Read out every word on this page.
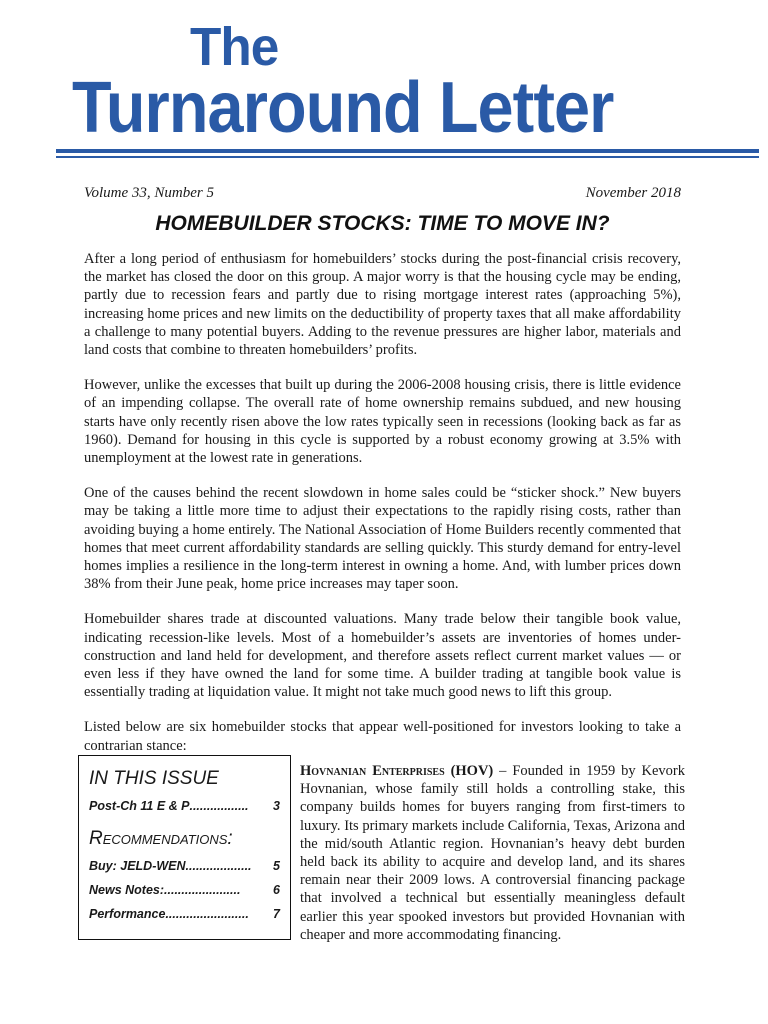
The
Turnaround Letter
Volume 33, Number 5	November 2018
HOMEBUILDER STOCKS: TIME TO MOVE IN?

After a long period of enthusiasm for homebuilders’ stocks during the post-financial crisis recovery, the market has closed the door on this group. A major worry is that the housing cycle may be ending, partly due to recession fears and partly due to rising mortgage interest rates (approaching 5%), increasing home prices and new limits on the deductibility of property taxes that all make affordability a challenge to many potential buyers. Adding to the revenue pressures are higher labor, materials and land costs that combine to threaten homebuilders’ profits.

However, unlike the excesses that built up during the 2006-2008 housing crisis, there is little evidence of an impending collapse. The overall rate of home ownership remains subdued, and new housing starts have only recently risen above the low rates typically seen in recessions (looking back as far as 1960). Demand for housing in this cycle is supported by a robust economy growing at 3.5% with unemployment at the lowest rate in generations.

One of the causes behind the recent slowdown in home sales could be “sticker shock.” New buyers may be taking a little more time to adjust their expectations to the rapidly rising costs, rather than avoiding buying a home entirely. The National Association of Home Builders recently commented that homes that meet current affordability standards are selling quickly. This sturdy demand for entry-level homes implies a resilience in the long-term interest in owning a home. And, with lumber prices down 38% from their June peak, home price increases may taper soon.

Homebuilder shares trade at discounted valuations. Many trade below their tangible book value, indicating recession-like levels. Most of a homebuilder’s assets are inventories of homes under-construction and land held for development, and therefore assets reflect current market values — or even less if they have owned the land for some time. A builder trading at tangible book value is essentially trading at liquidation value. It might not take much good news to lift this group.

Listed below are six homebuilder stocks that appear well-positioned for investors looking to take a contrarian stance:

IN THIS ISSUE
Post-Ch 11 E & P .................	3
Recommendations:
Buy: JELD-WEN ...................	5
News Notes: ......................	6
Performance ........................	7
Hovnanian Enterprises (HOV) – Founded in 1959 by Kevork Hovnanian, whose family still holds a controlling stake, this company builds homes for buyers ranging from first-timers to luxury. Its primary markets include California, Texas, Arizona and the mid/south Atlantic region. Hovnanian’s heavy debt burden held back its ability to acquire and develop land, and its shares remain near their 2009 lows. A controversial financing package that involved a technical but essentially meaningless default earlier this year spooked investors but provided Hovnanian with cheaper and more accommodating financing.
